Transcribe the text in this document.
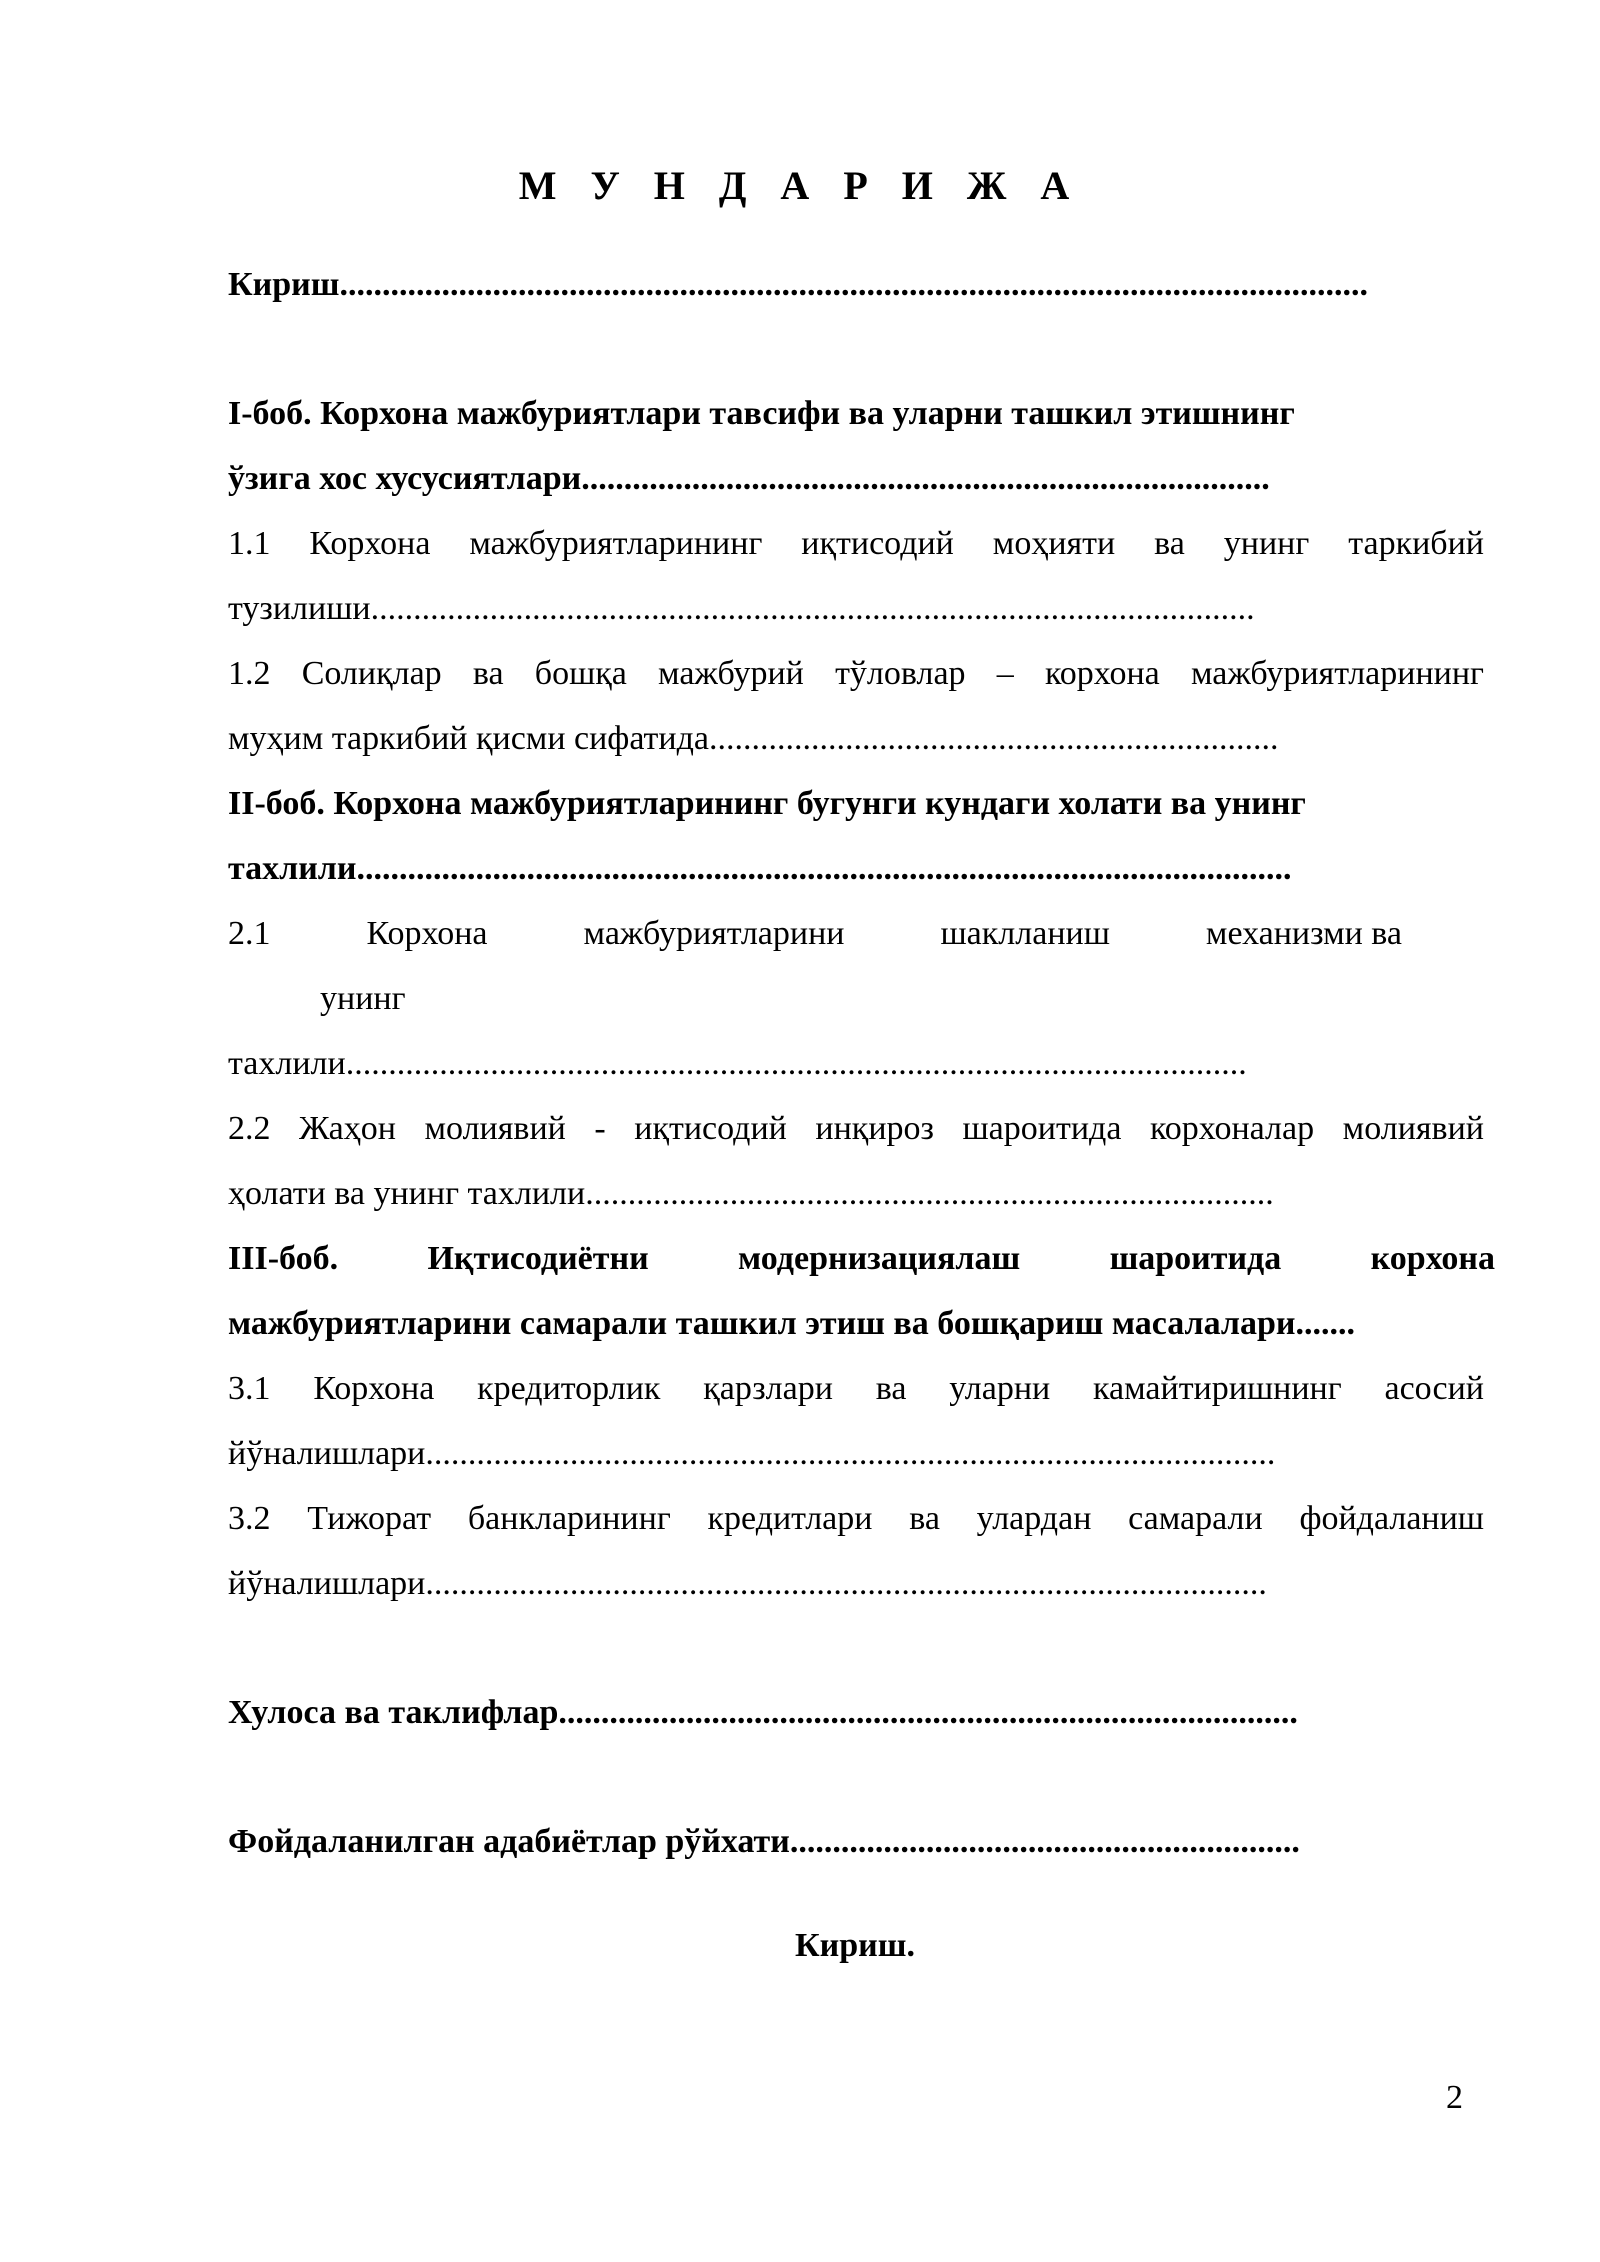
М У Н Д А Р И Ж А

Кириш.........................................................................................................................

I-боб. Корхона мажбуриятлари тавсифи ва уларни ташкил этишнинг
ўзига хос хусусиятлари.................................................................................

1.1 Корхона мажбуриятларининг иқтисодий моҳияти ва унинг таркибий
тузилиши........................................................................................................

1.2 Солиқлар ва бошқа мажбурий тўловлар – корхона мажбуриятларининг
муҳим таркибий қисми сифатида...................................................................

II-боб. Корхона мажбуриятларининг бугунги кундаги холати ва унинг
тахлили..............................................................................................................

2.1	Корхона	мажбуриятларини	шаклланиш	механизми ва
унинг
тахлили..........................................................................................................

2.2 Жаҳон молиявий - иқтисодий инқироз шароитида корхоналар молиявий
ҳолати ва унинг тахлили.................................................................................

III-боб. Иқтисодиётни модернизациялаш шароитида корхона
мажбуриятларини самарали ташкил этиш ва бошқариш масалалари.......

3.1 Корхона кредиторлик қарзлари ва уларни камайтиришнинг асосий
йўналишлари....................................................................................................

3.2 Тижорат банкларининг кредитлари ва улардан самарали фойдаланиш
йўналишлари...................................................................................................

Хулоса ва таклифлар.......................................................................................

Фойдаланилган адабиётлар рўйхати............................................................

Кириш.
2
